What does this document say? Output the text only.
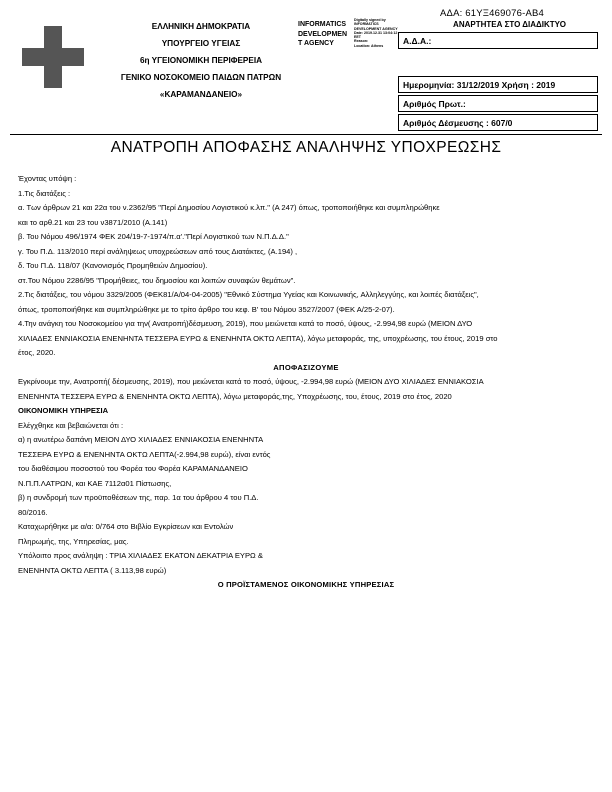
ΑΔΑ: 61ΥΞ469076-ΑΒ4
ΕΛΛΗΝΙΚΗ ΔΗΜΟΚΡΑΤΙΑ
ΥΠΟΥΡΓΕΙΟ ΥΓΕΙΑΣ
6η ΥΓΕΙΟΝΟΜΙΚΗ ΠΕΡΙΦΕΡΕΙΑ
ΓΕΝΙΚΟ ΝΟΣΟΚΟΜΕΙΟ ΠΑΙΔΩΝ ΠΑΤΡΩΝ
«ΚΑΡΑΜΑΝΔΑΝΕΙΟ»
INFORMATICS
DEVELOPMEN
T AGENCY
Digitally signed by
INFORMATICS
DEVELOPMENT AGENCY
Date: 2019.12.31 13:04:12
EET
Reason:
Location: Athens
ΑΝΑΡΤΗΤΕΑ ΣΤΟ ΔΙΑΔΙΚΤΥΟ
Α.Δ.Α.:
Ημερομηνία: 31/12/2019 Χρήση : 2019
Αριθμός Πρωτ.:
Αριθμός Δέσμευσης : 607/0
ΑΝΑΤΡΟΠΗ ΑΠΟΦΑΣΗΣ ΑΝΑΛΗΨΗΣ ΥΠΟΧΡΕΩΣΗΣ

Έχοντας υπόψη :

1.Τις διατάξεις :

α. Των άρθρων 21 και 22α του ν.2362/95 "Περί Δημοσίου Λογιστικού κ.λπ." (Α 247) όπως, τροποποιήθηκε και συμπληρώθηκε

και το αρθ.21 και 23 του ν3871/2010 (Α.141)

β. Του Νόμου 496/1974 ΦΕΚ 204/19-7-1974/π.α'."Περί Λογιστικού των Ν.Π.Δ.Δ."

γ. Του Π.Δ. 113/2010 περί ανάληψεως υποχρεώσεων από τους Διατάκτες, (Α.194) ,

δ. Του Π.Δ. 118/07 (Κανονισμός Προμηθειών Δημοσίου).

στ.Του Νόμου 2286/95 "Προμήθειες, του δημοσίου και λοιπών συναφών θεμάτων".

2.Τις διατάξεις, του νόμου 3329/2005 (ΦΕΚ81/Α/04-04-2005) "Εθνικό Σύστημα Υγείας και Κοινωνικής, Αλληλεγγύης, και λοιπές διατάξεις",

όπως, τροποποιήθηκε και συμπληρώθηκε με το τρίτο άρθρο του κεφ. Β' του Νόμου 3527/2007 (ΦΕΚ Α/25-2-07).

4.Την ανάγκη του Νοσοκομείου για την( Ανατροπή)δέσμευση, 2019), που μειώνεται κατά το ποσό, ύψους, -2.994,98 ευρώ (ΜΕΙΟΝ ΔΥΟ

ΧΙΛΙΑΔΕΣ ΕΝΝΙΑΚΟΣΙΑ ΕΝΕΝΗΝΤΑ ΤΕΣΣΕΡΑ ΕΥΡΩ & ΕΝΕΝΗΝΤΑ ΟΚΤΩ ΛΕΠΤΑ), λόγω μεταφοράς, της, υποχρέωσης, του έτους, 2019 στο

έτος, 2020.

ΑΠΟΦΑΣΙΖΟΥΜΕ

Εγκρίνουμε την, Ανατροπή( δέσμευσης, 2019), που μειώνεται κατά το ποσό, ύψους, -2.994,98 ευρώ (ΜΕΙΟΝ ΔΥΟ ΧΙΛΙΑΔΕΣ ΕΝΝΙΑΚΟΣΙΑ

ΕΝΕΝΗΝΤΑ ΤΕΣΣΕΡΑ ΕΥΡΩ & ΕΝΕΝΗΝΤΑ ΟΚΤΩ ΛΕΠΤΑ), λόγω μεταφοράς,της, Υποχρέωσης, του, έτους, 2019 στο έτος, 2020

ΟΙΚΟΝΟΜΙΚΗ ΥΠΗΡΕΣΙΑ

Ελέγχθηκε και βεβαιώνεται ότι :

α) η ανωτέρω δαπάνη ΜΕΙΟΝ ΔΥΟ ΧΙΛΙΑΔΕΣ ΕΝΝΙΑΚΟΣΙΑ ΕΝΕΝΗΝΤΑ

ΤΕΣΣΕΡΑ ΕΥΡΩ & ΕΝΕΝΗΝΤΑ ΟΚΤΩ ΛΕΠΤΑ(-2.994,98 ευρώ), είναι εντός

του διαθέσιμου ποσοστού του Φορέα του Φορέα ΚΑΡΑΜΑΝΔΑΝΕΙΟ

Ν.Π.Π.ΛΑΤΡΩΝ, και ΚΑΕ 7112α01 Πίστωσης,

β) η συνδρομή των προϋποθέσεων της, παρ. 1α του άρθρου 4 του Π.Δ.

80/2016.

Καταχωρήθηκε με α/α: 0/764 στο Βιβλίο Εγκρίσεων και Εντολών

Πληρωμής, της, Υπηρεσίας, μας.

Υπόλοιπο προς ανάληψη : ΤΡΙΑ ΧΙΛΙΑΔΕΣ ΕΚΑΤΟΝ ΔΕΚΑΤΡΙΑ ΕΥΡΩ &

ΕΝΕΝΗΝΤΑ ΟΚΤΩ ΛΕΠΤΑ ( 3.113,98 ευρώ)

Ο ΠΡΟΪΣΤΑΜΕΝΟΣ ΟΙΚΟΝΟΜΙΚΗΣ ΥΠΗΡΕΣΙΑΣ
